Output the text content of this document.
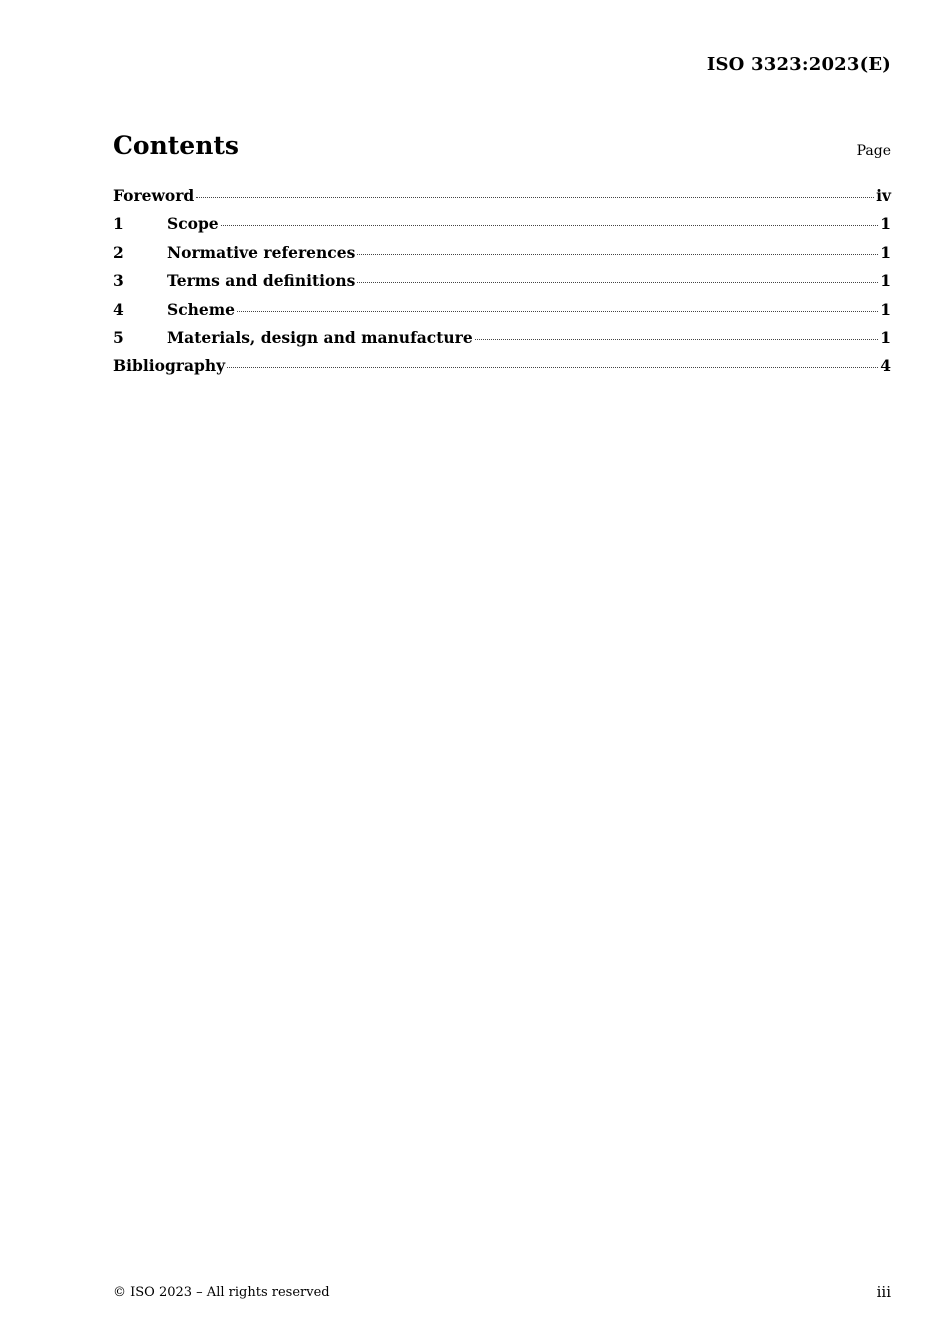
ISO 3323:2023(E)
Contents	Page
Foreword	iv
1	Scope	1
2	Normative references	1
3	Terms and definitions	1
4	Scheme	1
5	Materials, design and manufacture	1
Bibliography	4
© ISO 2023 – All rights reserved	iii
